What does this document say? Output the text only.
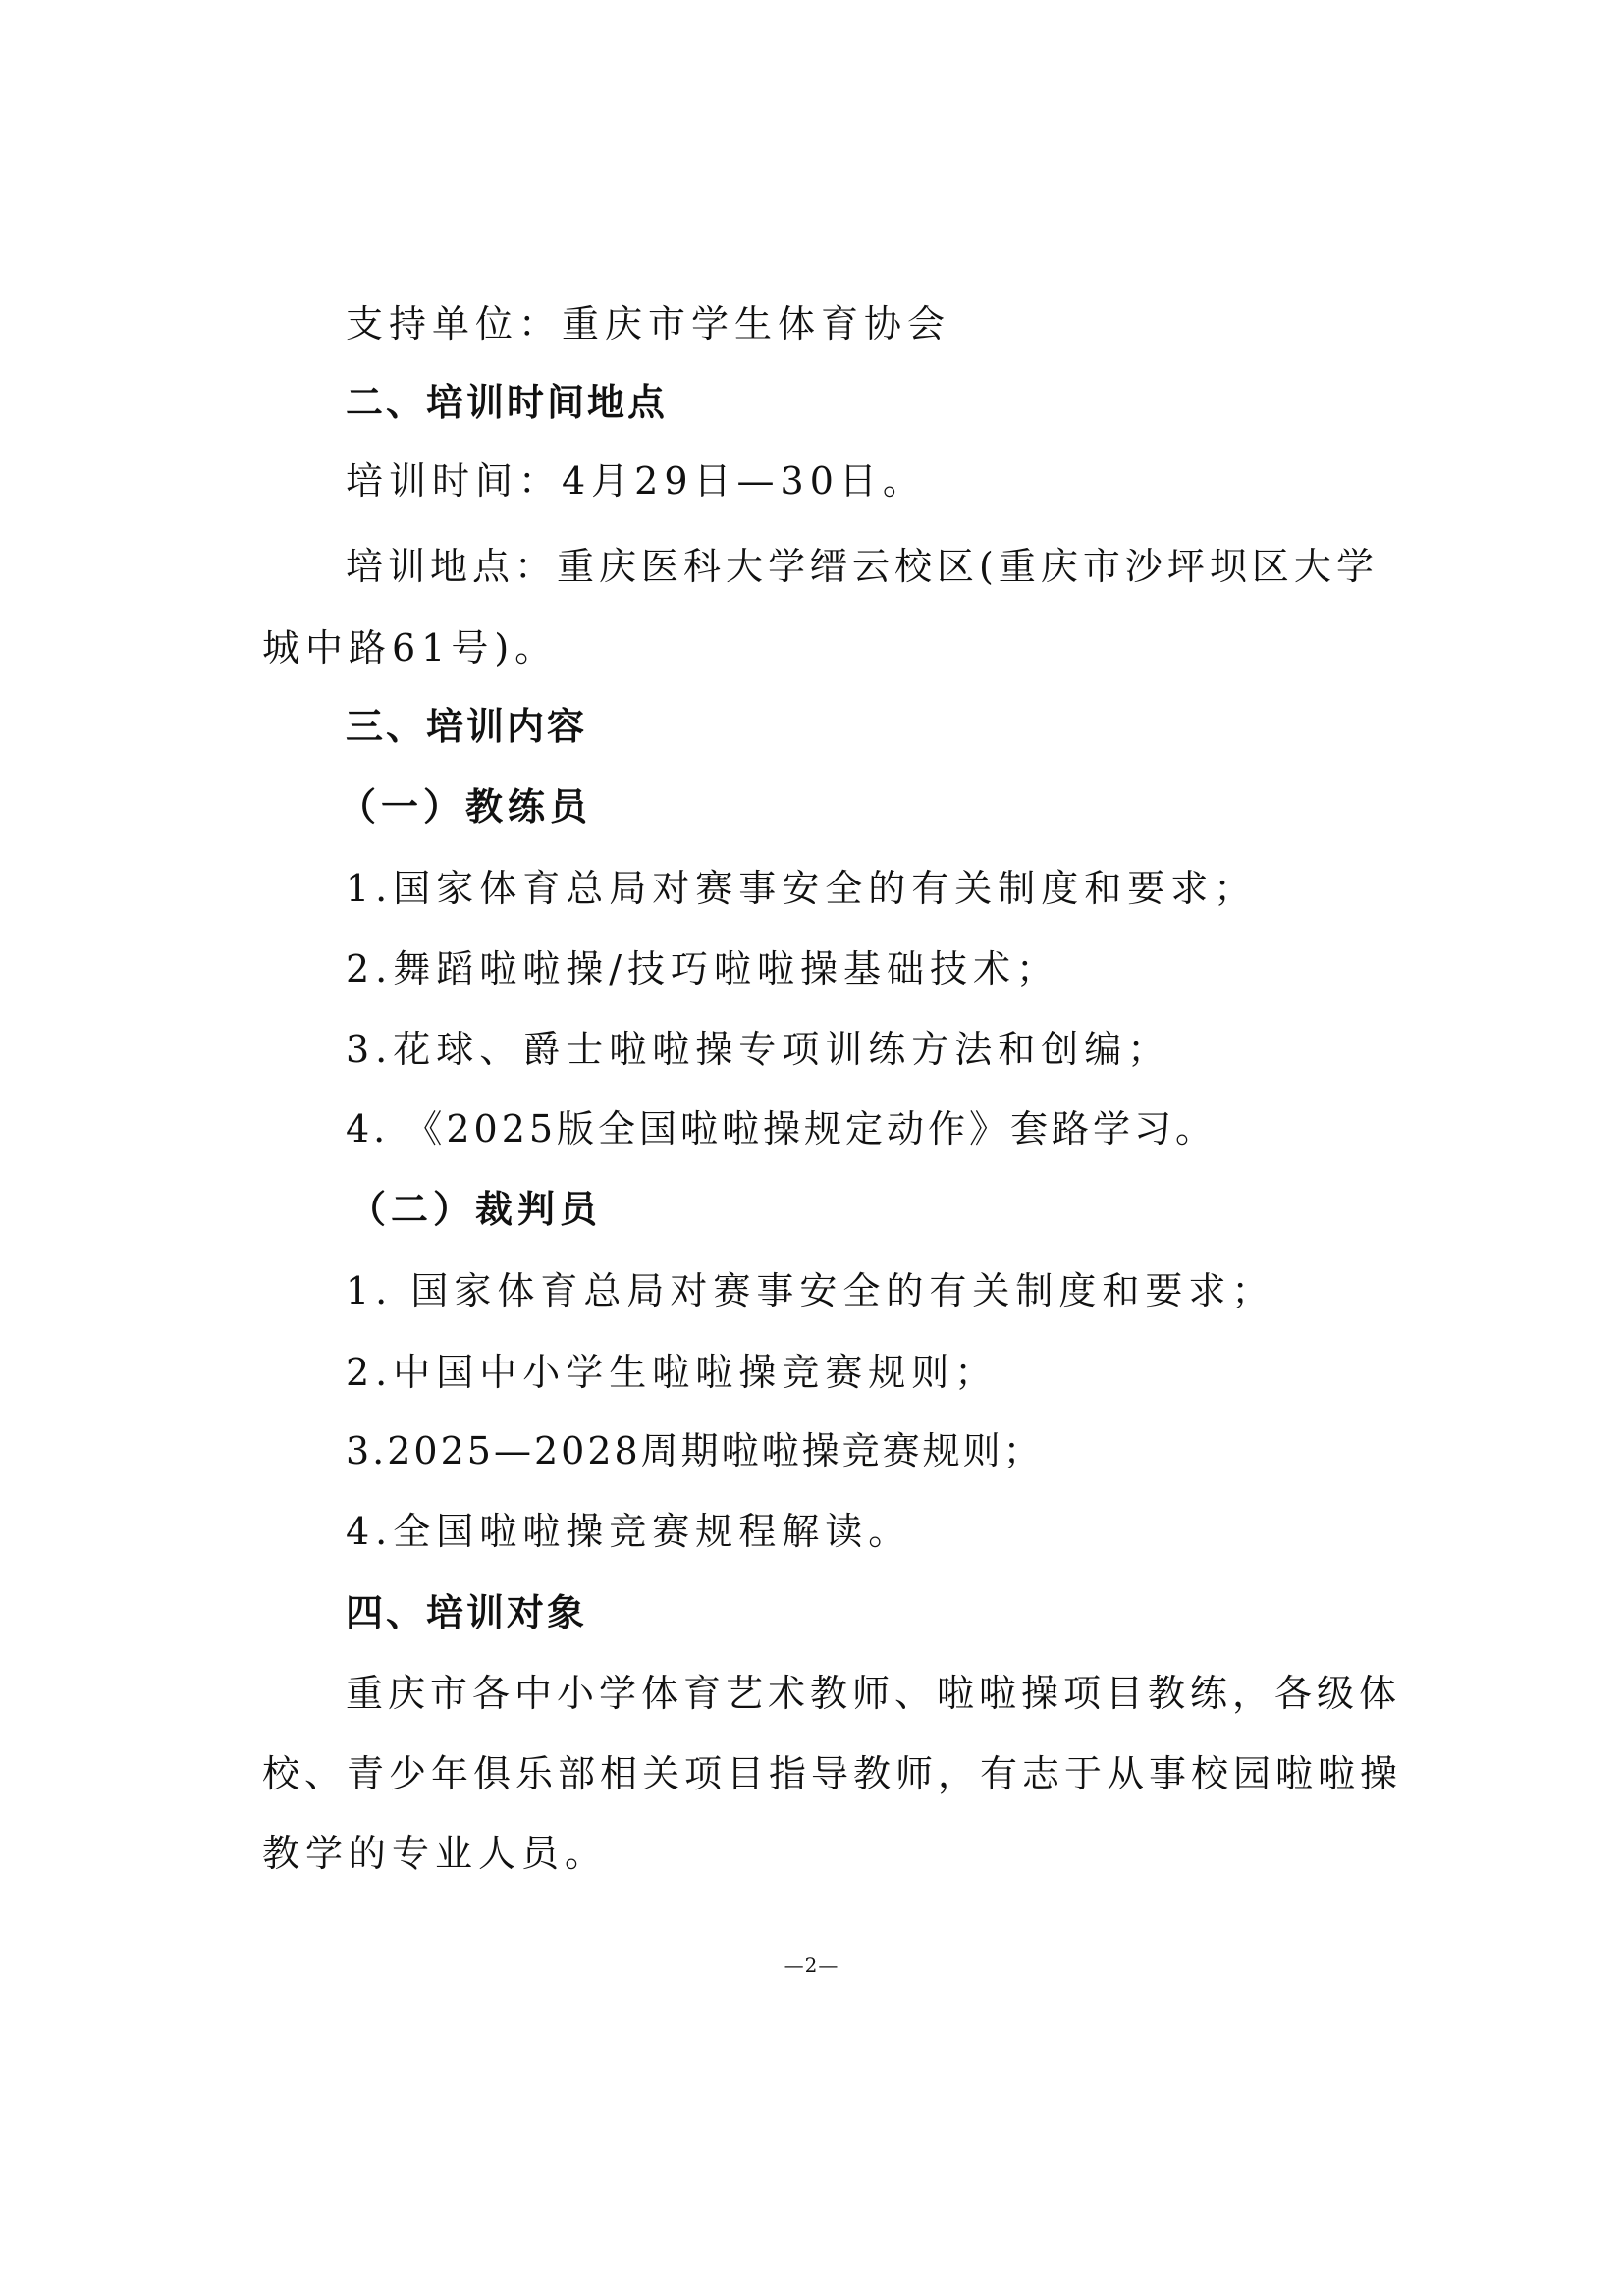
支持单位：重庆市学生体育协会
二、培训时间地点
培训时间：4月29日—30日。
培训地点：重庆医科大学缙云校区(重庆市沙坪坝区大学
城中路61号)。
三、培训内容
（一）教练员
1.国家体育总局对赛事安全的有关制度和要求；
2.舞蹈啦啦操/技巧啦啦操基础技术；
3.花球、爵士啦啦操专项训练方法和创编；
4. 《2025版全国啦啦操规定动作》套路学习。
（二）裁判员
1. 国家体育总局对赛事安全的有关制度和要求；
2.中国中小学生啦啦操竞赛规则；
3.2025—2028周期啦啦操竞赛规则；
4.全国啦啦操竞赛规程解读。
四、培训对象
重庆市各中小学体育艺术教师、啦啦操项目教练，各级体
校、青少年俱乐部相关项目指导教师，有志于从事校园啦啦操
教学的专业人员。
—2—
